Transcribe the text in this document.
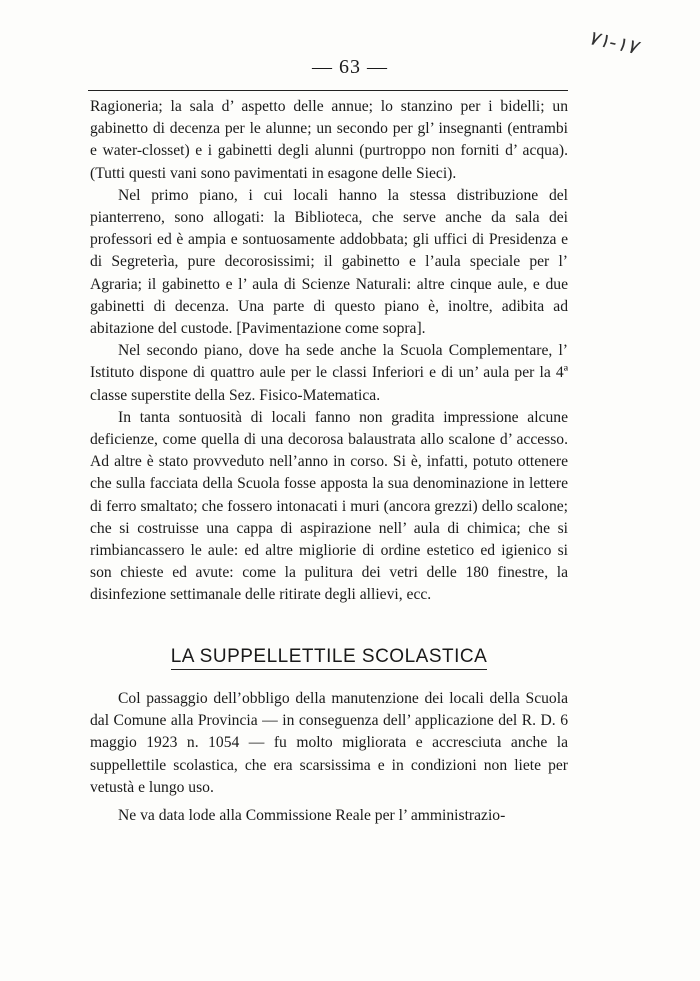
١٧-٧١
— 63 —

Ragioneria; la sala d’ aspetto delle annue; lo stanzino per i bidelli; un gabinetto di decenza per le alunne; un secondo per gl’ insegnanti (entrambi e water-closset) e i gabinetti degli alunni (purtroppo non forniti d’ acqua). (Tutti questi vani sono pavimentati in esagone delle Sieci).

Nel primo piano, i cui locali hanno la stessa distribuzione del pianterreno, sono allogati: la Biblioteca, che serve anche da sala dei professori ed è ampia e sontuosamente addobbata; gli uffici di Presidenza e di Segreterìa, pure decorosissimi; il gabinetto e l’aula speciale per l’ Agraria; il gabinetto e l’ aula di Scienze Naturali: altre cinque aule, e due gabinetti di decenza. Una parte di questo piano è, inoltre, adibita ad abitazione del custode. [Pavimentazione come sopra].

Nel secondo piano, dove ha sede anche la Scuola Complementare, l’ Istituto dispone di quattro aule per le classi Inferiori e di un’ aula per la 4ª classe superstite della Sez. Fisico-Matematica.

In tanta sontuosità di locali fanno non gradita impressione alcune deficienze, come quella di una decorosa balaustrata allo scalone d’ accesso. Ad altre è stato provveduto nell’anno in corso. Si è, infatti, potuto ottenere che sulla facciata della Scuola fosse apposta la sua denominazione in lettere di ferro smaltato; che fossero intonacati i muri (ancora grezzi) dello scalone; che si costruisse una cappa di aspirazione nell’ aula di chimica; che si rimbiancassero le aule: ed altre migliorie di ordine estetico ed igienico si son chieste ed avute: come la pulitura dei vetri delle 180 finestre, la disinfezione settimanale delle ritirate degli allievi, ecc.

LA SUPPELLETTILE SCOLASTICA

Col passaggio dell’obbligo della manutenzione dei locali della Scuola dal Comune alla Provincia — in conseguenza dell’ applicazione del R. D. 6 maggio 1923 n. 1054 — fu molto migliorata e accresciuta anche la suppellettile scolastica, che era scarsissima e in condizioni non liete per vetustà e lungo uso.

Ne va data lode alla Commissione Reale per l’ amministrazio-
